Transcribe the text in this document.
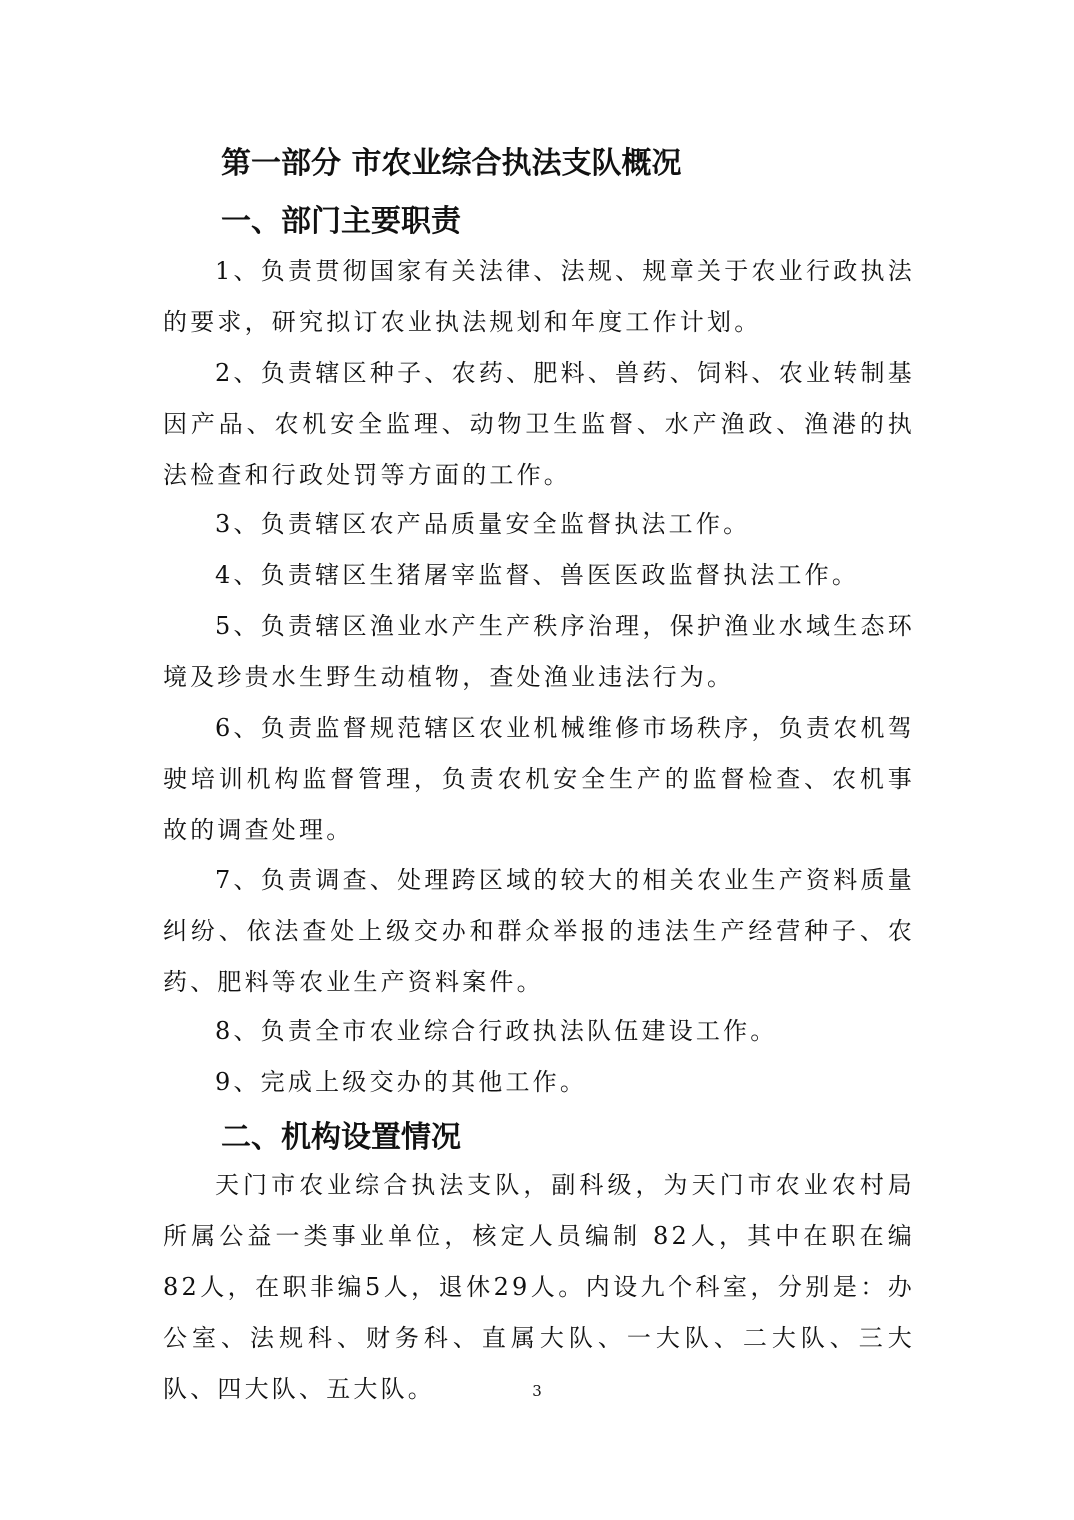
第一部分 市农业综合执法支队概况
一、部门主要职责
1、负责贯彻国家有关法律、法规、规章关于农业行政执法的要求，研究拟订农业执法规划和年度工作计划。
2、负责辖区种子、农药、肥料、兽药、饲料、农业转制基因产品、农机安全监理、动物卫生监督、水产渔政、渔港的执法检查和行政处罚等方面的工作。
3、负责辖区农产品质量安全监督执法工作。
4、负责辖区生猪屠宰监督、兽医医政监督执法工作。
5、负责辖区渔业水产生产秩序治理，保护渔业水域生态环境及珍贵水生野生动植物，查处渔业违法行为。
6、负责监督规范辖区农业机械维修市场秩序，负责农机驾驶培训机构监督管理，负责农机安全生产的监督检查、农机事故的调查处理。
7、负责调查、处理跨区域的较大的相关农业生产资料质量纠纷、依法查处上级交办和群众举报的违法生产经营种子、农药、肥料等农业生产资料案件。
8、负责全市农业综合行政执法队伍建设工作。
9、完成上级交办的其他工作。
二、机构设置情况
天门市农业综合执法支队，副科级，为天门市农业农村局所属公益一类事业单位，核定人员编制 82人，其中在职在编82人，在职非编5人，退休29人。内设九个科室，分别是：办公室、法规科、财务科、直属大队、一大队、二大队、三大队、四大队、五大队。	3
